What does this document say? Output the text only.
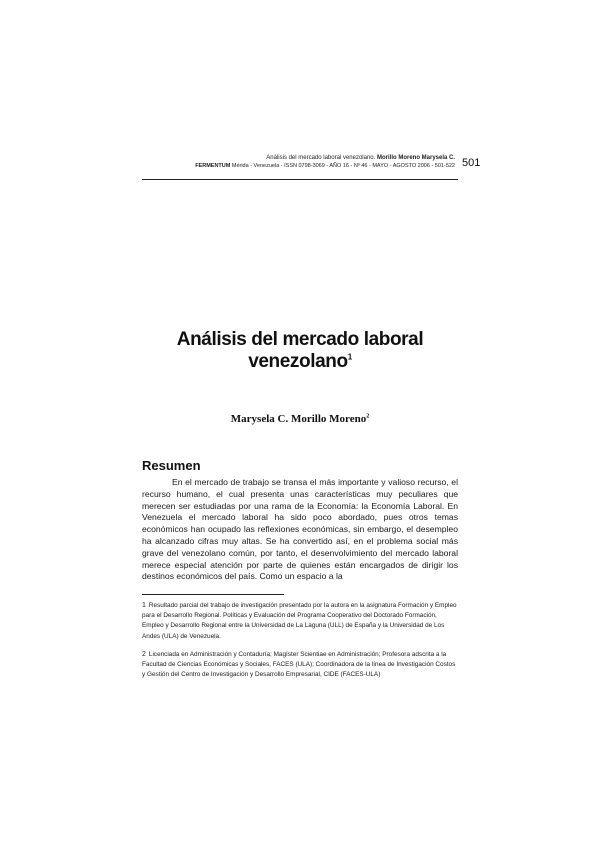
Análisis del mercado laboral venezolano. Morillo Moreno Marysela C.
FERMENTUM Mérida - Venezuela - ISSN 0798-3069 - AÑO 16 - Nº 46 - MAYO - AGOSTO 2006 - 501-522 501
Análisis del mercado laboral
venezolano$^1$
Marysela C. Morillo Moreno$^2$
Resumen

En el mercado de trabajo se transa el más importante y valioso recurso, el recurso humano, el cual presenta unas características muy peculiares que merecen ser estudiadas por una rama de la Economía: la Economía Laboral. En Venezuela el mercado laboral ha sido poco abordado, pues otros temas económicos han ocupado las reflexiones económicas, sin embargo, el desempleo ha alcanzado cifras muy altas. Se ha convertido así, en el problema social más grave del venezolano común, por tanto, el desenvolvimiento del mercado laboral merece especial atención por parte de quienes están encargados de dirigir los destinos económicos del país. Como un espacio a la

1 Resultado parcial del trabajo de investigación presentado por la autora en la asignatura Formación y Empleo para el Desarrollo Regional. Políticas y Evaluación del Programa Cooperativo del Doctorado Formación, Empleo y Desarrollo Regional entre la Universidad de La Laguna (ULL) de España y la Universidad de Los Andes (ULA) de Venezuela.

2 Licenciada en Administración y Contaduría; Magíster Scientiae en Administración; Profesora adscrita a la Facultad de Ciencias Económicas y Sociales, FACES (ULA); Coordinadora de la línea de Investigación Costos y Gestión del Centro de Investigación y Desarrollo Empresarial, CIDE (FACES-ULA)
